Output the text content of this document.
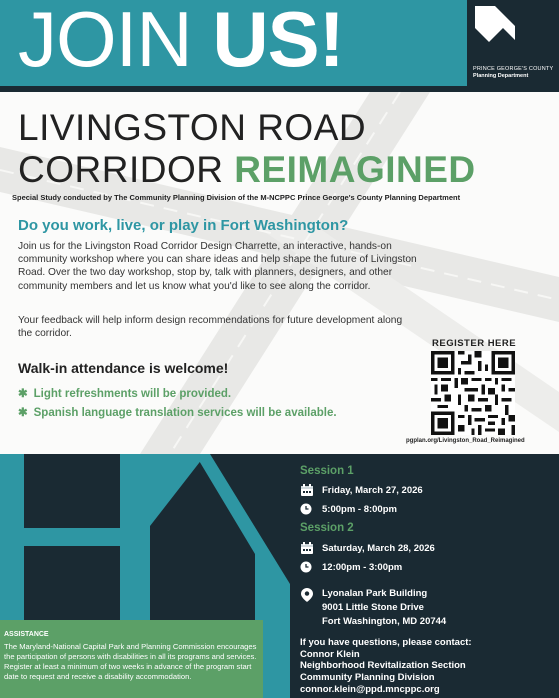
JOIN US!	PRINCE GEORGE'S COUNTY
Planning Department
LIVINGSTON ROAD
CORRIDOR REIMAGINED
Special Study conducted by The Community Planning Division of the M-NCPPC Prince George's County Planning Department
Do you work, live, or play in Fort Washington?
Join us for the Livingston Road Corridor Design Charrette, an interactive, hands-on community workshop where you can share ideas and help shape the future of Livingston Road. Over the two day workshop, stop by, talk with planners, designers, and other community members and let us know what you'd like to see along the corridor.
Your feedback will help inform design recommendations for future development along the corridor.
Walk-in attendance is welcome!
✱ Light refreshments will be provided.
✱ Spanish language translation services will be available.
REGISTER HERE
pgplan.org/Livingston_Road_Reimagined
ASSISTANCE
The Maryland-National Capital Park and Planning Commission encourages the participation of persons with disabilities in all its programs and services. Register at least a minimum of two weeks in advance of the program start date to request and receive a disability accommodation.
Session 1
Friday, March 27, 2026
5:00pm - 8:00pm
Session 2
Saturday, March 28, 2026
12:00pm - 3:00pm
Lyonalan Park Building
9001 Little Stone Drive
Fort Washington, MD 20744
If you have questions, please contact:
Connor Klein
Neighborhood Revitalization Section
Community Planning Division
connor.klein@ppd.mncppc.org
